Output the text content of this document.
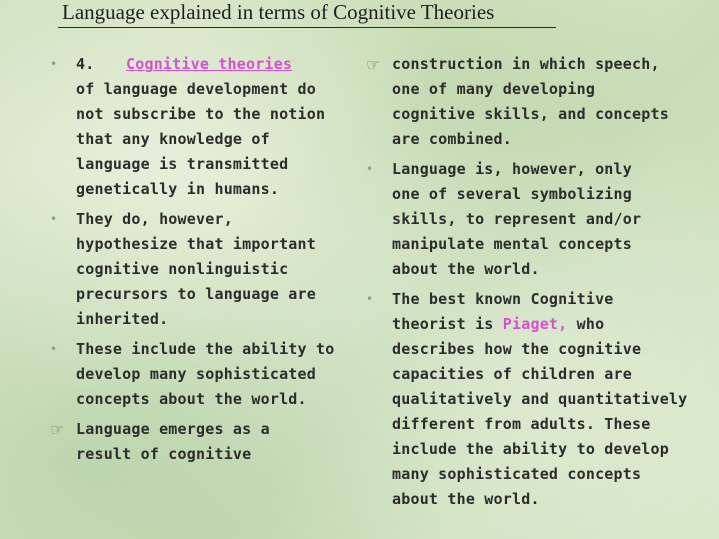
Language explained in terms of Cognitive Theories
•	4. Cognitive theories
of language development do
not subscribe to the notion
that any knowledge of
language is transmitted
genetically in humans.
•	They do, however,
hypothesize that important
cognitive nonlinguistic
precursors to language are
inherited.
•	These include the ability to
develop many sophisticated
concepts about the world.
☞ Language emerges as a
result of cognitive
☞ construction in which speech,
one of many developing
cognitive skills, and concepts
are combined.
•	Language is, however, only
one of several symbolizing
skills, to represent and/or
manipulate mental concepts
about the world.
•	The best known Cognitive
theorist is Piaget, who
describes how the cognitive
capacities of children are
qualitatively and quantitatively
different from adults. These
include the ability to develop
many sophisticated concepts
about the world.
